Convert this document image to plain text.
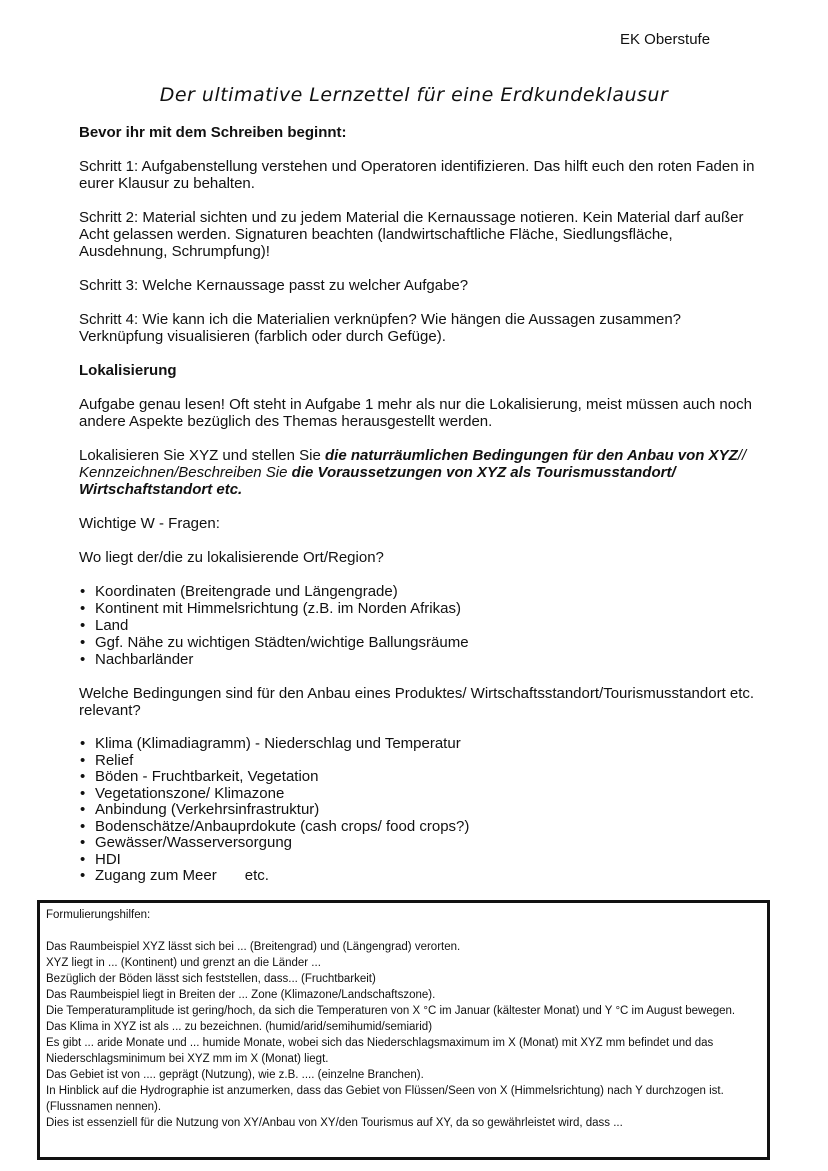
EK Oberstufe
Der ultimative Lernzettel für eine Erdkundeklausur

Bevor ihr mit dem Schreiben beginnt:

Schritt 1: Aufgabenstellung verstehen und Operatoren identifizieren. Das hilft euch den roten Faden in eurer Klausur zu behalten.

Schritt 2: Material sichten und zu jedem Material die Kernaussage notieren. Kein Material darf außer Acht gelassen werden. Signaturen beachten (landwirtschaftliche Fläche, Siedlungsfläche, Ausdehnung, Schrumpfung)!

Schritt 3: Welche Kernaussage passt zu welcher Aufgabe?

Schritt 4: Wie kann ich die Materialien verknüpfen? Wie hängen die Aussagen zusammen? Verknüpfung visualisieren (farblich oder durch Gefüge).

Lokalisierung

Aufgabe genau lesen! Oft steht in Aufgabe 1 mehr als nur die Lokalisierung, meist müssen auch noch andere Aspekte bezüglich des Themas herausgestellt werden.

Lokalisieren Sie XYZ und stellen Sie die naturräumlichen Bedingungen für den Anbau von XYZ// Kennzeichnen/Beschreiben Sie die Voraussetzungen von XYZ als Tourismusstandort/ Wirtschaftstandort etc.

Wichtige W - Fragen:

Wo liegt der/die zu lokalisierende Ort/Region?

• Koordinaten (Breitengrade und Längengrade)
• Kontinent mit Himmelsrichtung (z.B. im Norden Afrikas)
• Land
• Ggf. Nähe zu wichtigen Städten/wichtige Ballungsräume
• Nachbarländer

Welche Bedingungen sind für den Anbau eines Produktes/ Wirtschaftsstandort/Tourismusstandort etc. relevant?

• Klima (Klimadiagramm) - Niederschlag und Temperatur
• Relief
• Böden - Fruchtbarkeit, Vegetation
• Vegetationszone/ Klimazone
• Anbindung (Verkehrsinfrastruktur)
• Bodenschätze/Anbauprdokute (cash crops/ food crops?)
• Gewässer/Wasserversorgung
• HDI
• Zugang zum Meer etc.

Formulierungshilfen:

Das Raumbeispiel XYZ lässt sich bei ... (Breitengrad) und (Längengrad) verorten.

XYZ liegt in ... (Kontinent) und grenzt an die Länder ...

Bezüglich der Böden lässt sich feststellen, dass... (Fruchtbarkeit)

Das Raumbeispiel liegt in Breiten der ... Zone (Klimazone/Landschaftszone).

Die Temperaturamplitude ist gering/hoch, da sich die Temperaturen von X °C im Januar (kältester Monat) und Y °C im August bewegen.

Das Klima in XYZ ist als ... zu bezeichnen. (humid/arid/semihumid/semiarid)

Es gibt ... aride Monate und ... humide Monate, wobei sich das Niederschlagsmaximum im X (Monat) mit XYZ mm befindet und das Niederschlagsminimum bei XYZ mm im X (Monat) liegt.

Das Gebiet ist von .... geprägt (Nutzung), wie z.B. .... (einzelne Branchen).

In Hinblick auf die Hydrographie ist anzumerken, dass das Gebiet von Flüssen/Seen von X (Himmelsrichtung) nach Y durchzogen ist. (Flussnamen nennen).

Dies ist essenziell für die Nutzung von XY/Anbau von XY/den Tourismus auf XY, da so gewährleistet wird, dass ...
